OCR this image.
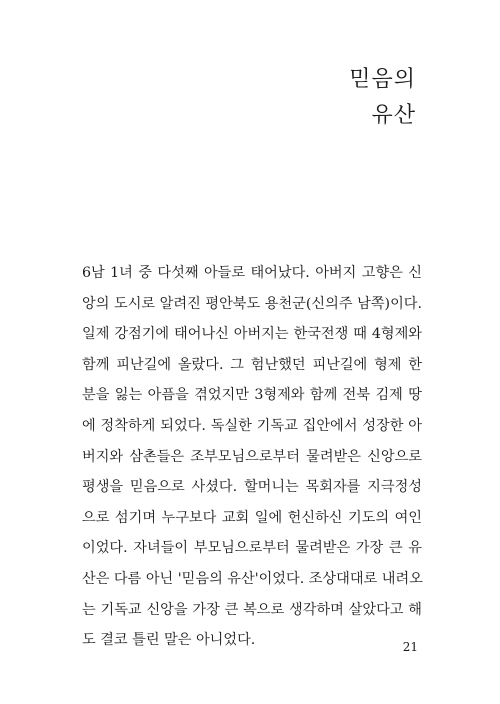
믿음의
유산

6남 1녀 중 다섯째 아들로 태어났다. 아버지 고향은 신
앙의 도시로 알려진 평안북도 용천군(신의주 남쪽)이다.
일제 강점기에 태어나신 아버지는 한국전쟁 때 4형제와
함께 피난길에 올랐다. 그 험난했던 피난길에 형제 한
분을 잃는 아픔을 겪었지만 3형제와 함께 전북 김제 땅
에 정착하게 되었다. 독실한 기독교 집안에서 성장한 아
버지와 삼촌들은 조부모님으로부터 물려받은 신앙으로
평생을 믿음으로 사셨다. 할머니는 목회자를 지극정성
으로 섬기며 누구보다 교회 일에 헌신하신 기도의 여인
이었다. 자녀들이 부모님으로부터 물려받은 가장 큰 유
산은 다름 아닌 '믿음의 유산'이었다. 조상대대로 내려오
는 기독교 신앙을 가장 큰 복으로 생각하며 살았다고 해
도 결코 틀린 말은 아니었다.	21
